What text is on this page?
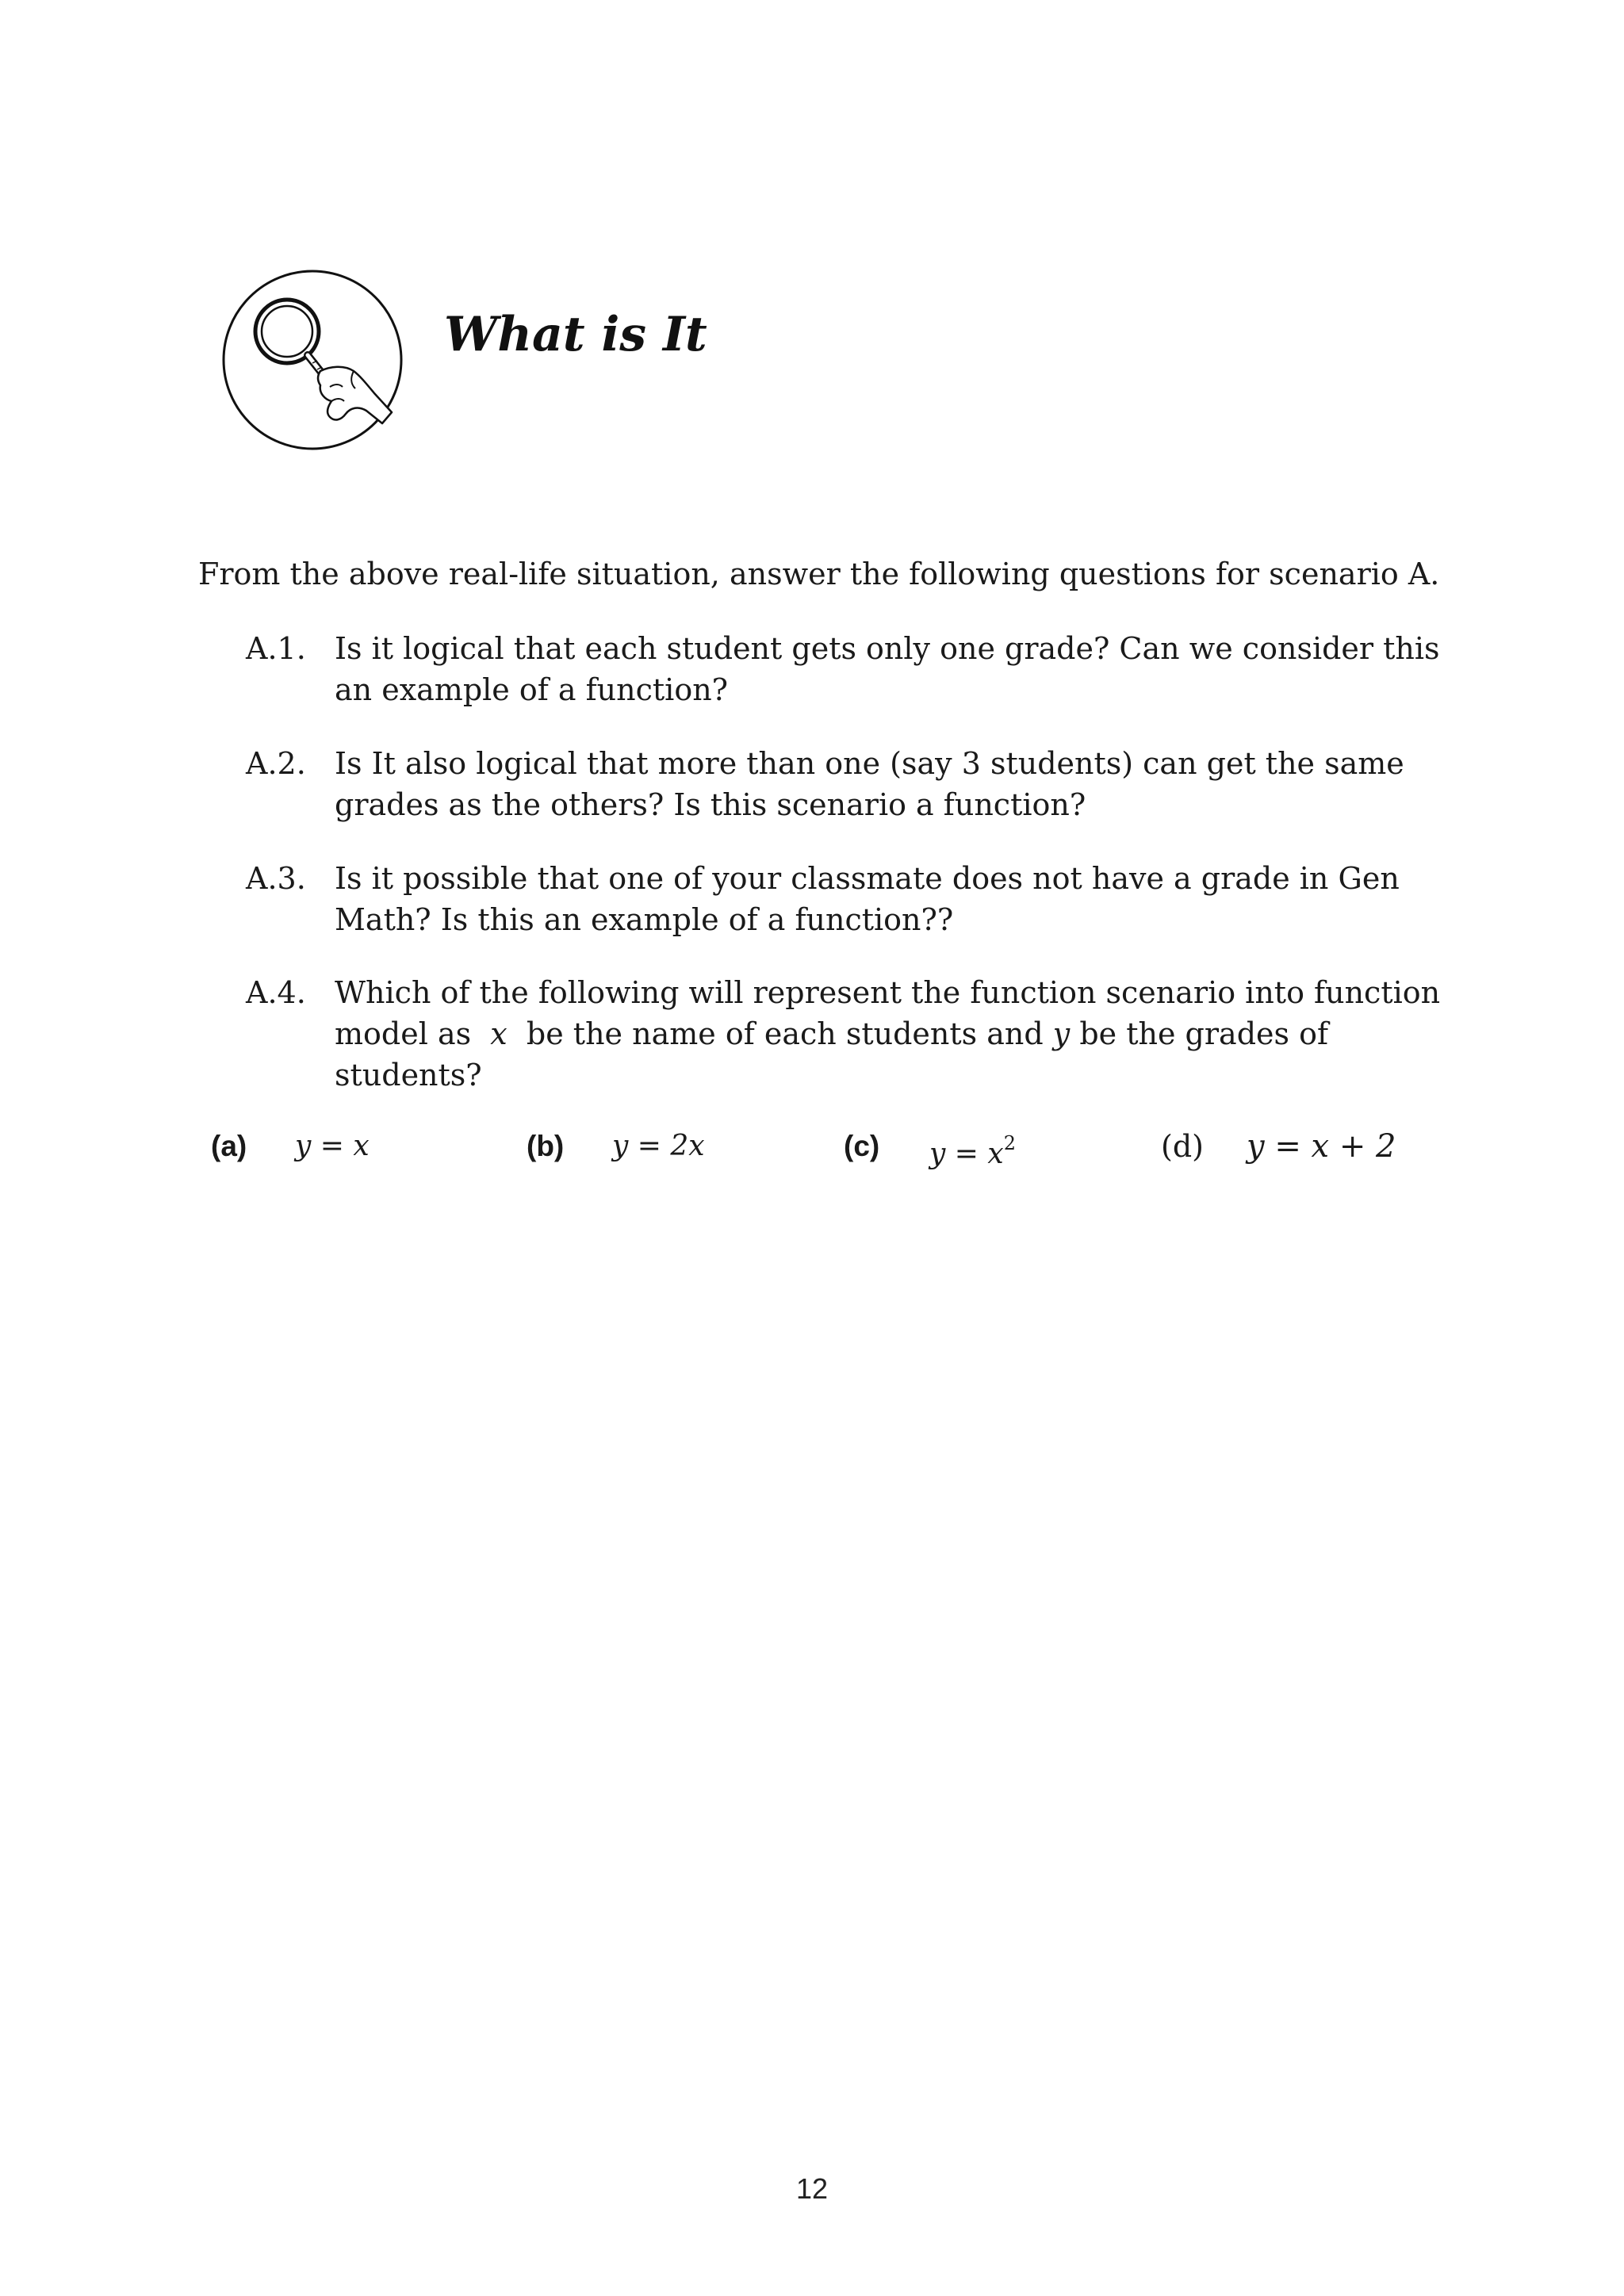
What is It
From the above real-life situation, answer the following questions for scenario A.
A.1. Is it logical that each student gets only one grade? Can we consider this an example of a function?
A.2. Is It also logical that more than one (say 3 students) can get the same grades as the others? Is this scenario a function?
A.3. Is it possible that one of your classmate does not have a grade in Gen Math? Is this an example of a function??
A.4. Which of the following will represent the function scenario into function model as x be the name of each students and y be the grades of students?
(a) y = x	(b) y = 2x	(c) $y = x^2$	(d) y = x + 2
12
